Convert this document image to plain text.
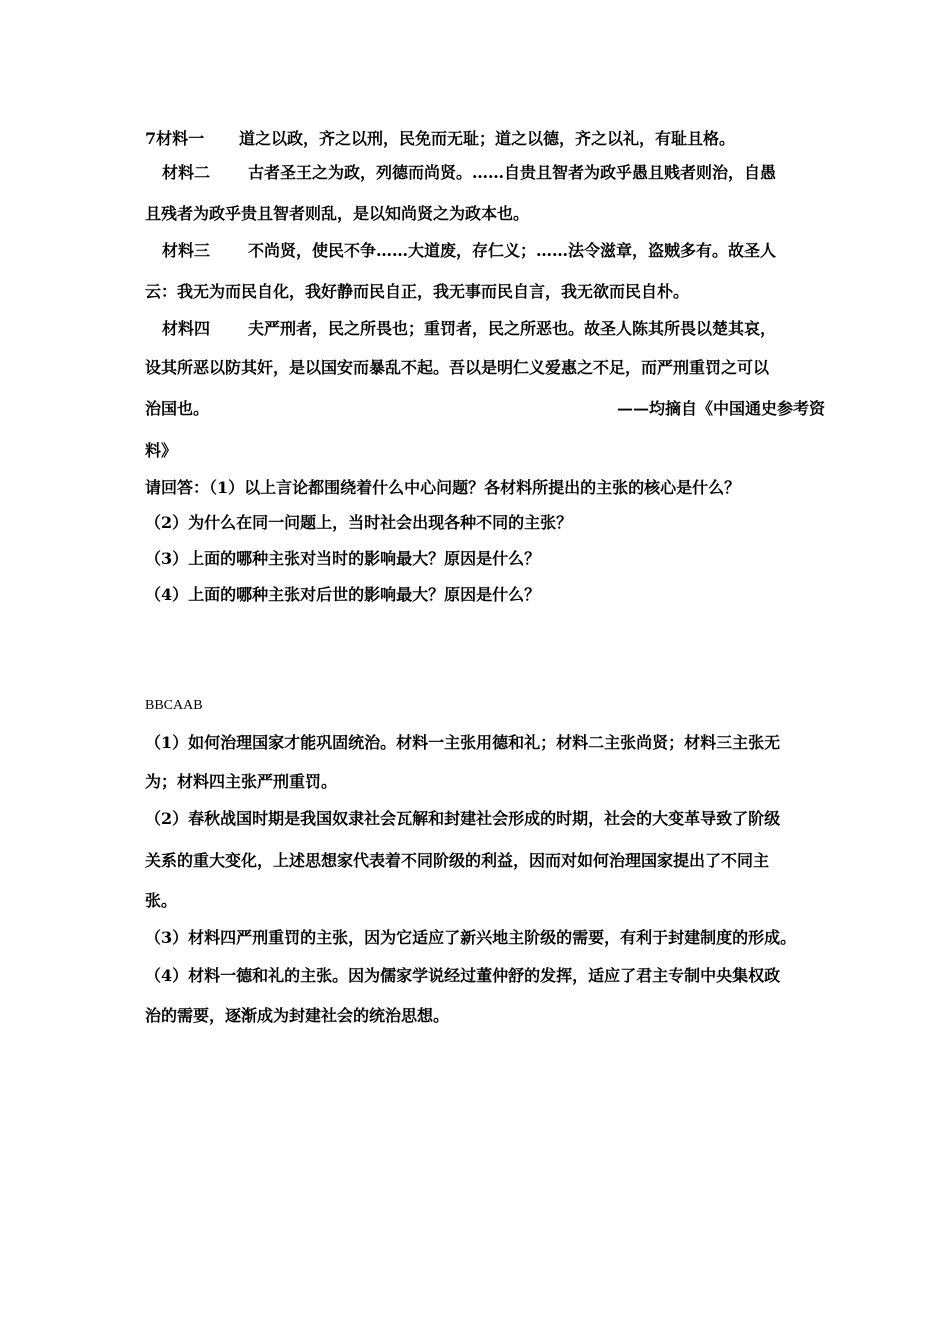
7材料一 道之以政，齐之以刑，民免而无耻；道之以德，齐之以礼，有耻且格。
材料二 古者圣王之为政，列德而尚贤。……自贵且智者为政乎愚且贱者则治，自愚
且残者为政乎贵且智者则乱，是以知尚贤之为政本也。
材料三 不尚贤，使民不争……大道废，存仁义；……法令滋章，盗贼多有。故圣人
云：我无为而民自化，我好静而民自正，我无事而民自言，我无欲而民自朴。
材料四 夫严刑者，民之所畏也；重罚者，民之所恶也。故圣人陈其所畏以楚其哀，
设其所恶以防其奸，是以国安而暴乱不起。吾以是明仁义爱惠之不足，而严刑重罚之可以
治国也。	——均摘自《中国通史参考资
料》
请回答：（1）以上言论都围绕着什么中心问题？各材料所提出的主张的核心是什么？
（2）为什么在同一问题上，当时社会出现各种不同的主张？
（3）上面的哪种主张对当时的影响最大？原因是什么？
（4）上面的哪种主张对后世的影响最大？原因是什么？
BBCAAB
（1）如何治理国家才能巩固统治。材料一主张用德和礼；材料二主张尚贤；材料三主张无
为；材料四主张严刑重罚。
（2）春秋战国时期是我国奴隶社会瓦解和封建社会形成的时期，社会的大变革导致了阶级
关系的重大变化，上述思想家代表着不同阶级的利益，因而对如何治理国家提出了不同主
张。
（3）材料四严刑重罚的主张，因为它适应了新兴地主阶级的需要，有利于封建制度的形成。
（4）材料一德和礼的主张。因为儒家学说经过董仲舒的发挥，适应了君主专制中央集权政
治的需要，逐渐成为封建社会的统治思想。
